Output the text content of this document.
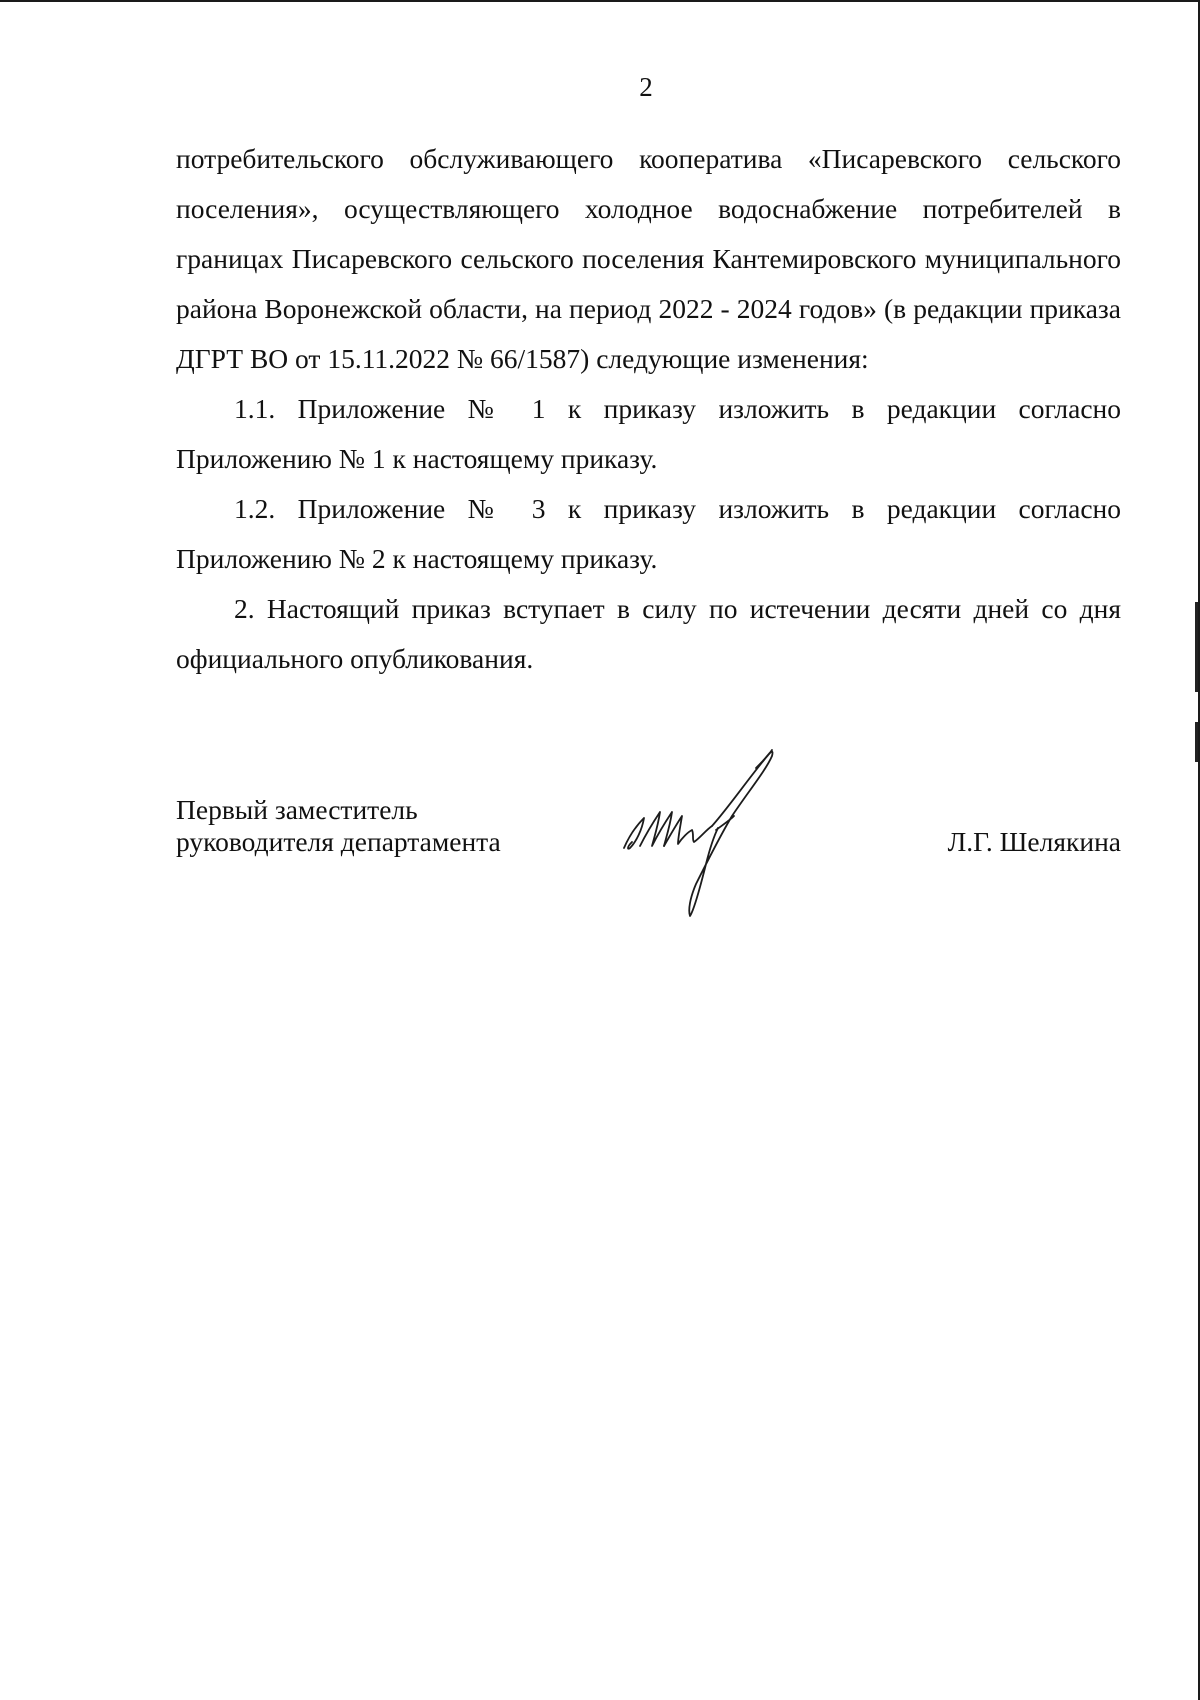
2

потребительского обслуживающего кооператива «Писаревского сельского поселения», осуществляющего холодное водоснабжение потребителей в границах Писаревского сельского поселения Кантемировского муниципального района Воронежской области, на период 2022 - 2024 годов» (в редакции приказа ДГРТ ВО от 15.11.2022 № 66/1587) следующие изменения:

1.1. Приложение № 1 к приказу изложить в редакции согласно Приложению № 1 к настоящему приказу.

1.2. Приложение № 3 к приказу изложить в редакции согласно Приложению № 2 к настоящему приказу.

2. Настоящий приказ вступает в силу по истечении десяти дней со дня официального опубликования.

Первый заместитель
руководителя департамента	Л.Г. Шелякина
